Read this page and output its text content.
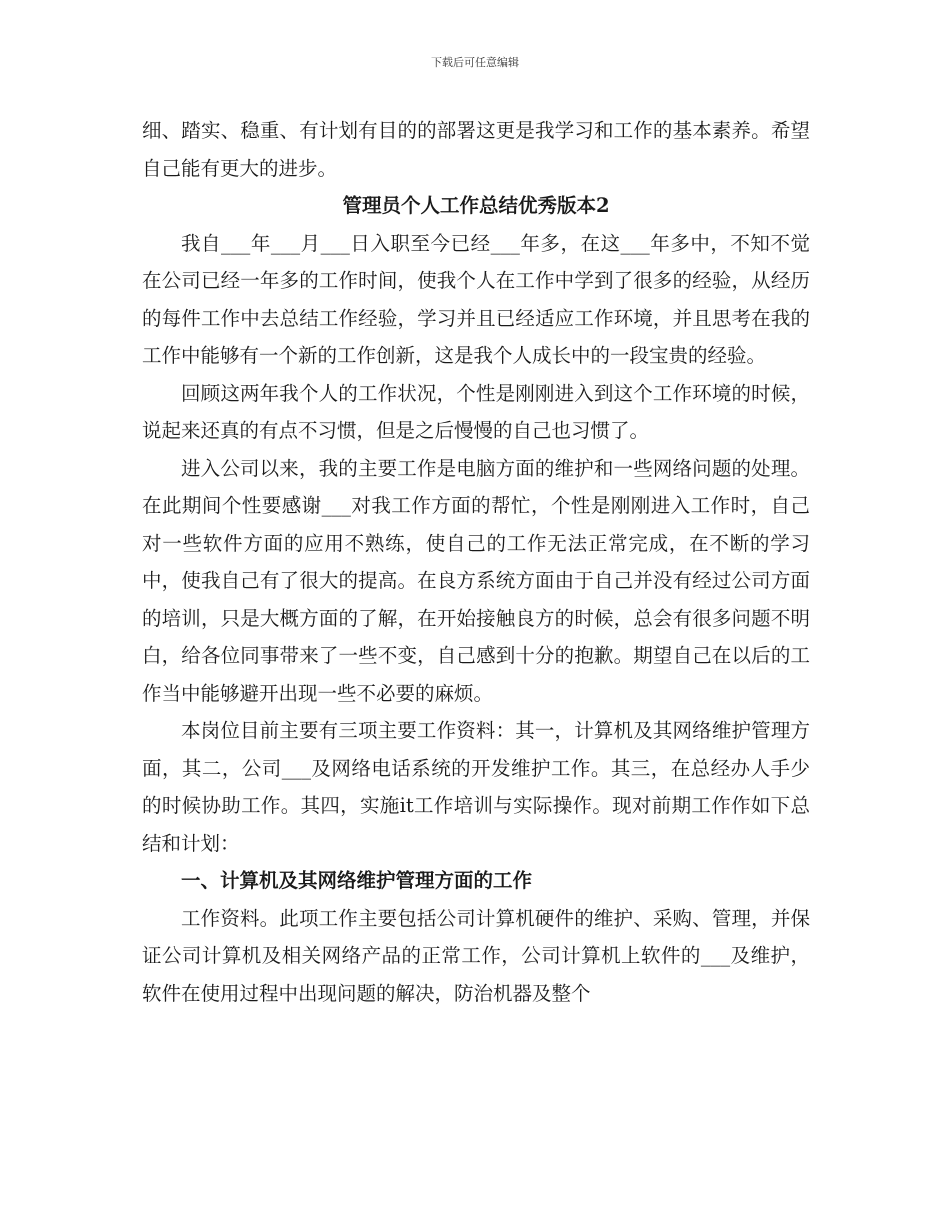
下载后可任意编辑

细、踏实、稳重、有计划有目的的部署这更是我学习和工作的基本素养。希望自己能有更大的进步。

管理员个人工作总结优秀版本2

我自___年___月___日入职至今已经___年多，在这___年多中，不知不觉在公司已经一年多的工作时间，使我个人在工作中学到了很多的经验，从经历的每件工作中去总结工作经验，学习并且已经适应工作环境，并且思考在我的工作中能够有一个新的工作创新，这是我个人成长中的一段宝贵的经验。

回顾这两年我个人的工作状况，个性是刚刚进入到这个工作环境的时候，说起来还真的有点不习惯，但是之后慢慢的自己也习惯了。

进入公司以来，我的主要工作是电脑方面的维护和一些网络问题的处理。在此期间个性要感谢___对我工作方面的帮忙，个性是刚刚进入工作时，自己对一些软件方面的应用不熟练，使自己的工作无法正常完成，在不断的学习中，使我自己有了很大的提高。在良方系统方面由于自己并没有经过公司方面的培训，只是大概方面的了解，在开始接触良方的时候，总会有很多问题不明白，给各位同事带来了一些不变，自己感到十分的抱歉。期望自己在以后的工作当中能够避开出现一些不必要的麻烦。

本岗位目前主要有三项主要工作资料：其一，计算机及其网络维护管理方面，其二，公司___及网络电话系统的开发维护工作。其三，在总经办人手少的时候协助工作。其四，实施it工作培训与实际操作。现对前期工作作如下总结和计划：

一、计算机及其网络维护管理方面的工作

工作资料。此项工作主要包括公司计算机硬件的维护、采购、管理，并保证公司计算机及相关网络产品的正常工作，公司计算机上软件的___及维护，软件在使用过程中出现问题的解决，防治机器及整个
